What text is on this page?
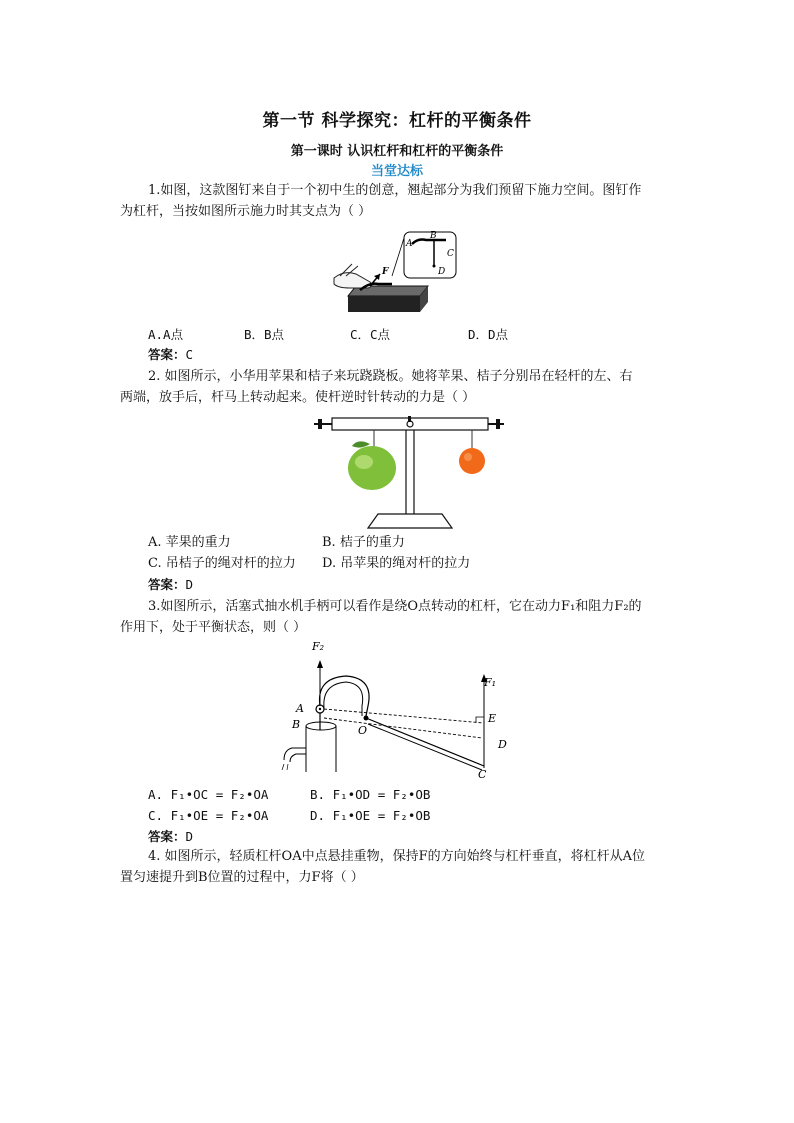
第一节 科学探究：杠杆的平衡条件
第一课时 认识杠杆和杠杆的平衡条件
当堂达标
1.如图，这款图钉来自于一个初中生的创意，翘起部分为我们预留下施力空间。图钉作
为杠杆，当按如图所示施力时其支点为（ ）
A
B
C
D
F
A.A点	B．B点	C．C点	D．D点
答案：C
2. 如图所示，小华用苹果和桔子来玩跷跷板。她将苹果、桔子分别吊在轻杆的左、右
两端，放手后，杆马上转动起来。使杆逆时针转动的力是（ ）
A. 苹果的重力	B. 桔子的重力
C. 吊桔子的绳对杆的拉力 D. 吊苹果的绳对杆的拉力
答案：D
3.如图所示，活塞式抽水机手柄可以看作是绕O点转动的杠杆，它在动力F₁和阻力F₂的
作用下，处于平衡状态，则（ ）
F₂
O
F₁
E
D
C
A
B
A. F₁•OC = F₂•OA	B. F₁•OD = F₂•OB
C. F₁•OE = F₂•OA	D. F₁•OE = F₂•OB
答案：D
4. 如图所示，轻质杠杆OA中点悬挂重物，保持F的方向始终与杠杆垂直，将杠杆从A位
置匀速提升到B位置的过程中，力F将（ ）
